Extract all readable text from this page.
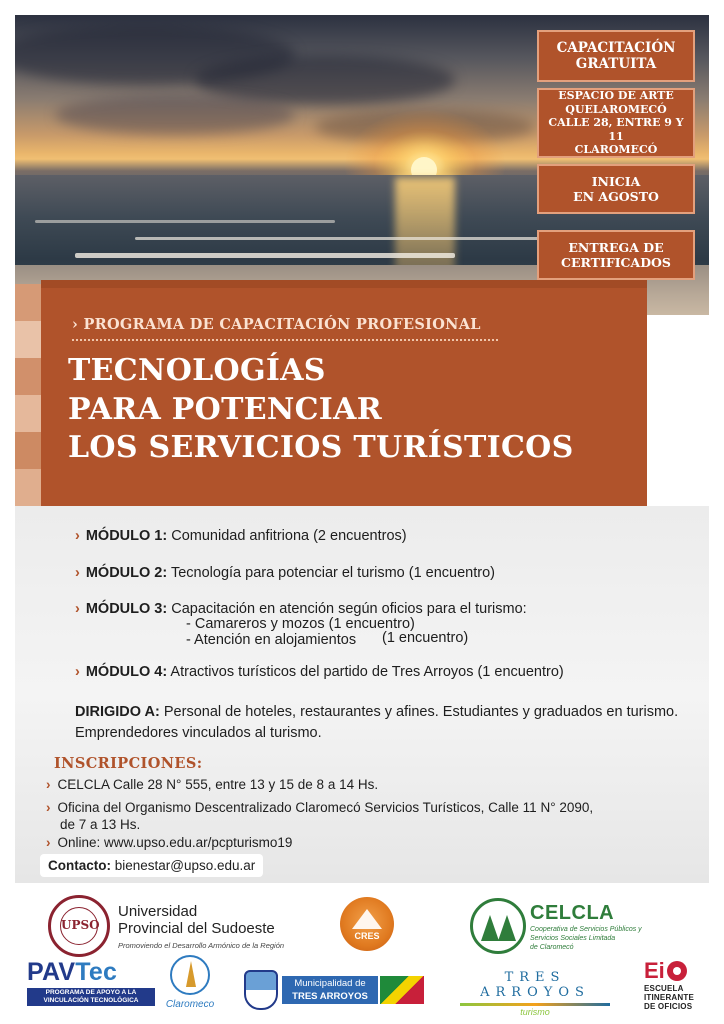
CAPACITACIÓN
GRATUITA
ESPACIO DE ARTE
QUELAROMECÓ
CALLE 28, ENTRE 9 Y 11
CLAROMECÓ
INICIA
EN AGOSTO
ENTREGA DE
CERTIFICADOS
› PROGRAMA DE CAPACITACIÓN PROFESIONAL
TECNOLOGÍAS
PARA POTENCIAR
LOS SERVICIOS TURÍSTICOS
› MÓDULO 1: Comunidad anfitriona (2 encuentros)
› MÓDULO 2: Tecnología para potenciar el turismo (1 encuentro)
› MÓDULO 3: Capacitación en atención según oficios para el turismo:
- Camareros y mozos (1 encuentro)
- Atención en alojamientos (1 encuentro)
› MÓDULO 4: Atractivos turísticos del partido de Tres Arroyos (1 encuentro)
DIRIGIDO A: Personal de hoteles, restaurantes y afines. Estudiantes y graduados en turismo. Emprendedores vinculados al turismo.
INSCRIPCIONES:
› CELCLA Calle 28 N° 555, entre 13 y 15 de 8 a 14 Hs.
› Oficina del Organismo Descentralizado Claromecó Servicios Turísticos, Calle 11 N° 2090,
de 7 a 13 Hs.
› Online: www.upso.edu.ar/pcpturismo19
Contacto: bienestar@upso.edu.ar
UPSO
Universidad
Provincial del Sudoeste
Promoviendo el Desarrollo Armónico de la Región
CRES
CELCLA
Cooperativa de Servicios Públicos y
Servicios Sociales Limitada
de Claromecó
PAVTec
PROGRAMA DE APOYO A LA
VINCULACIÓN TECNOLÓGICA	Claromeco
Municipalidad de
TRES ARROYOS
TRES ARROYOS
turismo
Ei
ESCUELA
ITINERANTE
DE OFICIOS
